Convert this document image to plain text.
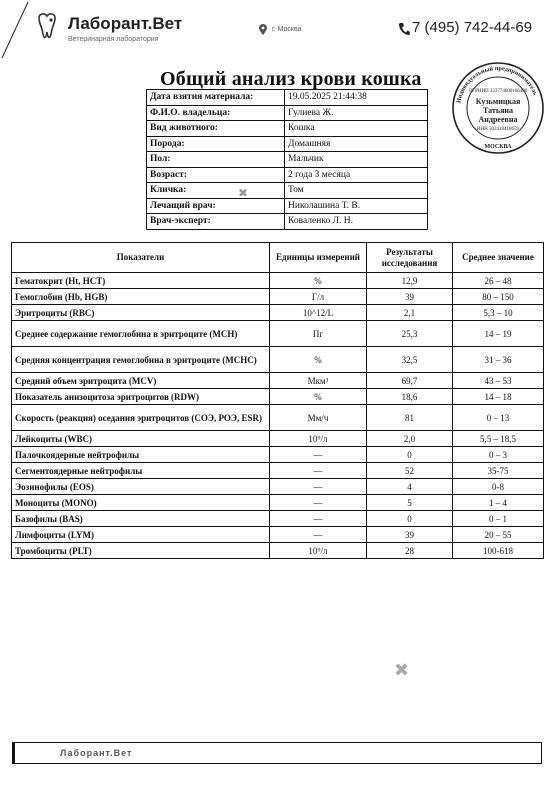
Лаборант.Вет
Ветеринарная лаборатория
г. Москва	7 (495) 742-44-69
Общий анализ крови кошка
Дата взятия материала:	19.05.2025 21:44:38
Ф.И.О. владельца:	Гулиева Ж.
Вид животного:	Кошка
Порода:	Домашняя
Пол:	Мальчик
Возраст:	2 года 3 месяца
Кличка:	Том
Лечащий врач:	Николашина Т. В.
Врач-эксперт:	Коваленко Л. Н.
Индивидуальный предприниматель
ОГРНИП 323774600166400
Кузьмицкая
Татьяна
Андреевна
ИНН 502418418659
МОСКВА
Показатели	Единицы измерений	Результаты исследования	Среднее значение
Гематокрит (Ht, HCT)	%	12,9	26 – 48
Гемоглобин (Hb, HGB)	Г/л	39	80 – 150
Эритроциты (RBC)	10^12/L	2,1	5,3 – 10
Среднее содержание гемоглобина в эритроците (MCH)	Пг	25,3	14 – 19
Средняя концентрация гемоглобина в эритроците (MCHC)	%	32,5	31 – 36
Средний объем эритроцита (MCV)	Мкм³	69,7	43 – 53
Показатель анизоцитоза эритроцитов (RDW)	%	18,6	14 – 18
Скорость (реакция) оседания эритроцитов (СОЭ, РОЭ, ESR)	Мм/ч	81	0 – 13
Лейкоциты (WBC)	10⁹/л	2,0	5,5 – 18,5
Палочкоядерные нейтрофилы	—	0	0 – 3
Сегментоядерные нейтрофилы	—	52	35-75
Эозинофилы (EOS)	—	4	0-8
Моноциты (MONO)	—	5	1 – 4
Базофилы (BAS)	—	0	0 – 1
Лимфоциты (LYM)	—	39	20 – 55
Тромбоциты (PLT)	10⁹/л	28	100-618
✖
✖
Лаборант.Вет
